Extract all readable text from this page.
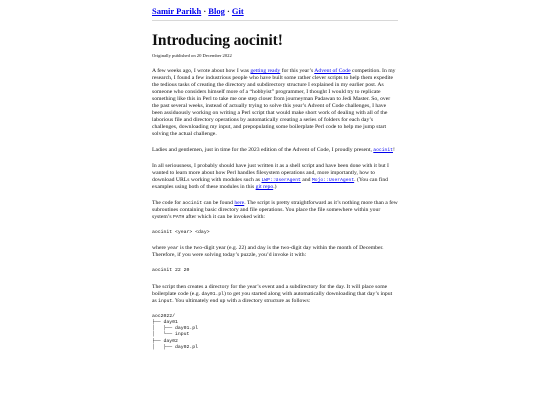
Samir Parikh · Blog · Git
Introducing aocinit!
Originally published on 20 December 2022

A few weeks ago, I wrote about how I was getting ready for this year’s Advent of Code competition. In my research, I found a few industrious people who have built some rather clever scripts to help them expedite the tedious tasks of creating the directory and subdirectory structure I explained in my earlier post. As someone who considers himself more of a “hobbyist” programmer, I thought I would try to replicate something like this in Perl to take me one step closer from journeyman Padawan to Jedi Master. So, over the past several weeks, instead of actually trying to solve this year’s Advent of Code challenges, I have been assiduously working on writing a Perl script that would make short work of dealing with all of the laborious file and directory operations by automatically creating a series of folders for each day’s challenges, downloading my input, and prepopulating some boilerplate Perl code to help me jump start solving the actual challenge.

Ladies and gentlemen, just in time for the 2023 edition of the Advent of Code, I proudly present, aocinit!

In all seriousness, I probably should have just written it as a shell script and have been done with it but I wanted to learn more about how Perl handles filesystem operations and, more importantly, how to download URLs working with modules such as LWP::UserAgent and Mojo::UserAgent. (You can find examples using both of these modules in this git repo.)

The code for aocinit can be found here. The script is pretty straightforward as it’s nothing more than a few subroutines containing basic directory and file operations. You place the file somewhere within your system’s PATH after which it can be invoked with:

aocinit <year> <day>

where year is the two-digit year (e.g. 22) and day is the two-digit day within the month of December. Therefore, if you were solving today’s puzzle, you’d invoke it with:

aocinit 22 20

The script then creates a directory for the year’s event and a subdirectory for the day. It will place some boilerplate code (e.g. day01.pl) to get you started along with automatically downloading that day’s input as input. You ultimately end up with a directory structure as follows:

aoc2022/
├── day01
│   ├── day01.pl
│   └── input
├── day02
│   ├── day02.pl
